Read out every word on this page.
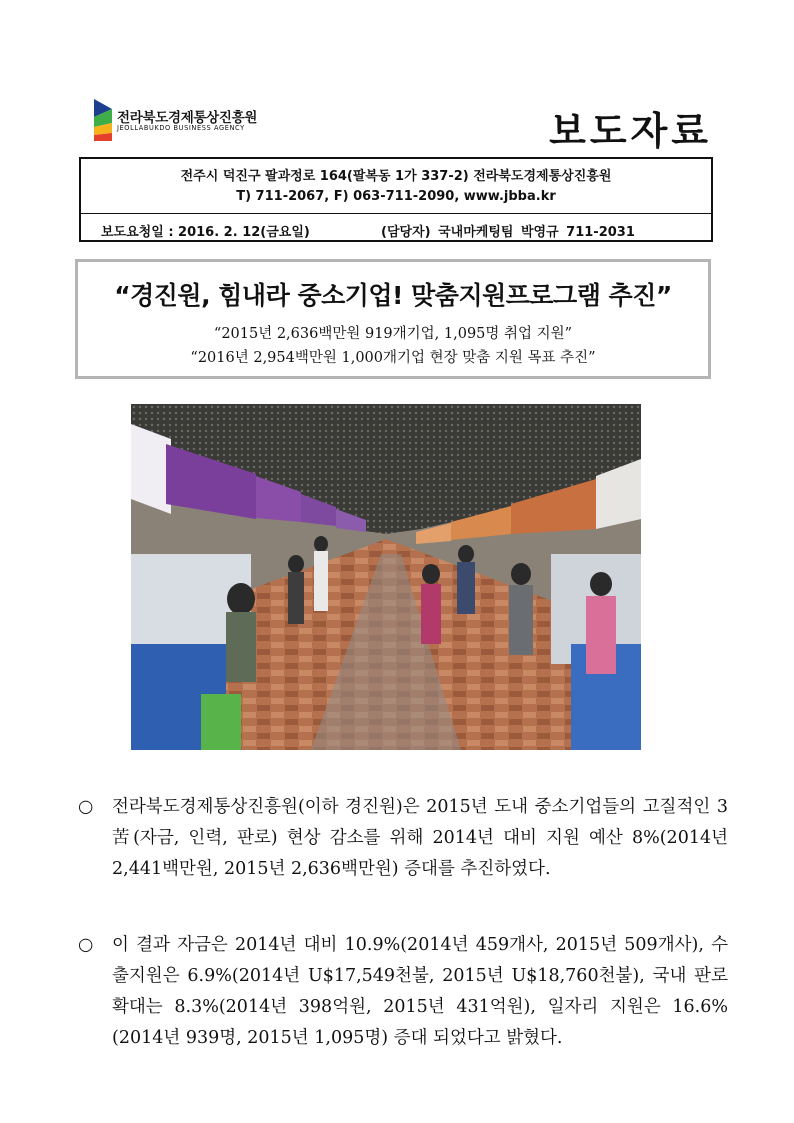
전라북도경제통상진흥원
JEOLLABUKDO BUSINESS AGENCY	보도자료
전주시 덕진구 팔과정로 164(팔복동 1가 337-2) 전라북도경제통상진흥원
T) 711-2067, F) 063-711-2090, www.jbba.kr
보도요청일 : 2016. 2. 12(금요일)	(담당자) 국내마케팅팀 박영규 711-2031
“경진원, 힘내라 중소기업! 맞춤지원프로그램 추진”
“2015년 2,636백만원 919개기업, 1,095명 취업 지원”
“2016년 2,954백만원 1,000개기업 현장 맞춤 지원 목표 추진”
○ 전라북도경제통상진흥원(이하 경진원)은 2015년 도내 중소기업들의 고질적인 3苦(자금, 인력, 판로) 현상 감소를 위해 2014년 대비 지원 예산 8%(2014년 2,441백만원, 2015년 2,636백만원) 증대를 추진하였다.
○ 이 결과 자금은 2014년 대비 10.9%(2014년 459개사, 2015년 509개사), 수출지원은 6.9%(2014년 U$17,549천불, 2015년 U$18,760천불), 국내 판로 확대는 8.3%(2014년 398억원, 2015년 431억원), 일자리 지원은 16.6%(2014년 939명, 2015년 1,095명) 증대 되었다고 밝혔다.
